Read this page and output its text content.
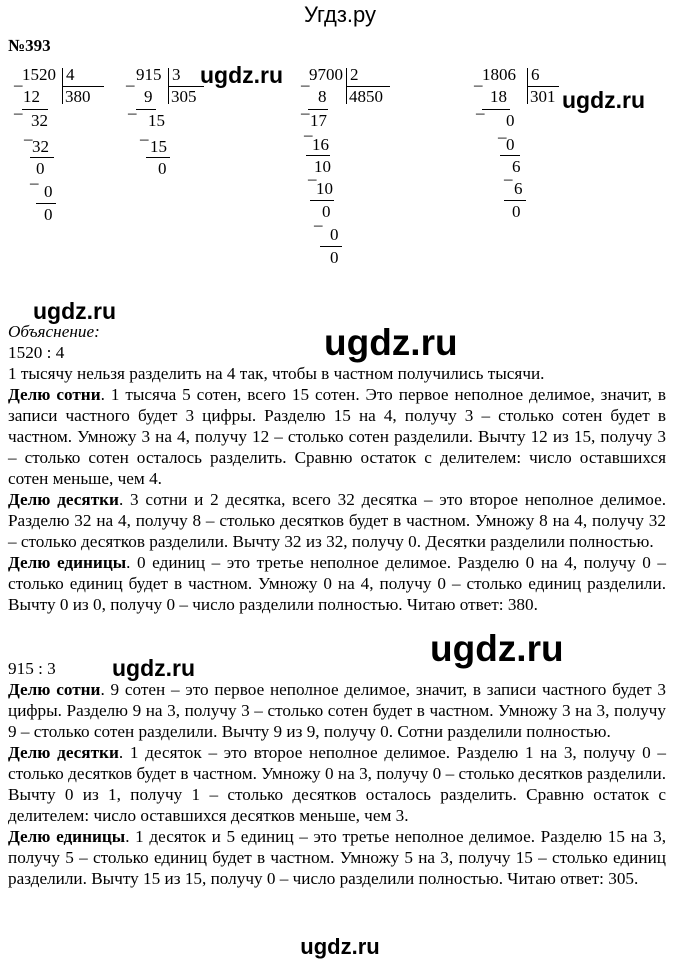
Угдз.ру
№393
–
1520 4
380
12
– 32
– 32
0
– 0
0
–
915 3
305
9
– 15
– 15
0
–
9700 2
4850
8
– 17
–
16
10
–
10
0
–
0
0
–
1806 6
301
18
– 0
– 0
6
–
6
0
ugdz.ru
ugdz.ru
ugdz.ru
ugdz.ru
ugdz.ru	ugdz.ru

Объяснение:

1520 : 4

1 тысячу нельзя разделить на 4 так, чтобы в частном получились тысячи.

Делю сотни. 1 тысяча 5 сотен, всего 15 сотен. Это первое неполное делимое, значит, в записи частного будет 3 цифры. Разделю 15 на 4, получу 3 – столько сотен будет в частном. Умножу 3 на 4, получу 12 – столько сотен разделили. Вычту 12 из 15, получу 3 – столько сотен осталось разделить. Сравню остаток с делителем: число оставшихся сотен меньше, чем 4.

Делю десятки. 3 сотни и 2 десятка, всего 32 десятка – это второе неполное делимое. Разделю 32 на 4, получу 8 – столько десятков будет в частном. Умножу 8 на 4, получу 32 – столько десятков разделили. Вычту 32 из 32, получу 0. Десятки разделили полностью.

Делю единицы. 0 единиц – это третье неполное делимое. Разделю 0 на 4, получу 0 – столько единиц будет в частном. Умножу 0 на 4, получу 0 – столько единиц разделили. Вычту 0 из 0, получу 0 – число разделили полностью. Читаю ответ: 380.

915 : 3

Делю сотни. 9 сотен – это первое неполное делимое, значит, в записи частного будет 3 цифры. Разделю 9 на 3, получу 3 – столько сотен будет в частном. Умножу 3 на 3, получу 9 – столько сотен разделили. Вычту 9 из 9, получу 0. Сотни разделили полностью.

Делю десятки. 1 десяток – это второе неполное делимое. Разделю 1 на 3, получу 0 – столько десятков будет в частном. Умножу 0 на 3, получу 0 – столько десятков разделили. Вычту 0 из 1, получу 1 – столько десятков осталось разделить. Сравню остаток с делителем: число оставшихся десятков меньше, чем 3.

Делю единицы. 1 десяток и 5 единиц – это третье неполное делимое. Разделю 15 на 3, получу 5 – столько единиц будет в частном. Умножу 5 на 3, получу 15 – столько единиц разделили. Вычту 15 из 15, получу 0 – число разделили полностью. Читаю ответ: 305.

ugdz.ru
